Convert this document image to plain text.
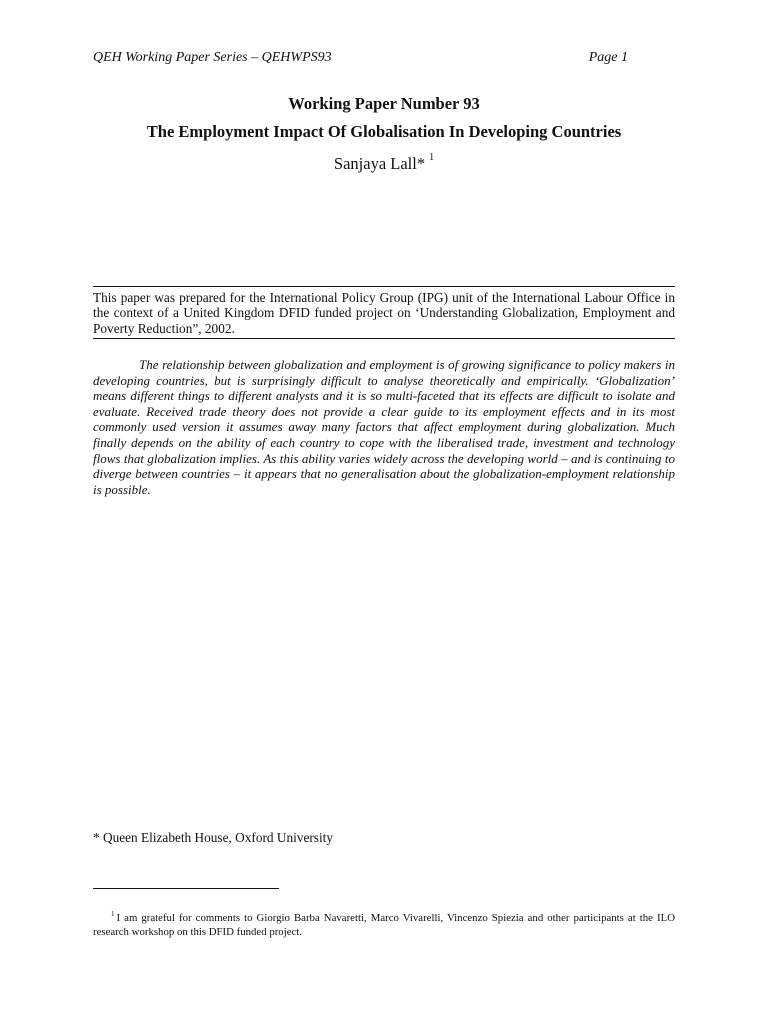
QEH Working Paper Series – QEHWPS93	Page 1

Working Paper Number 93

The Employment Impact Of Globalisation In Developing Countries

Sanjaya Lall* $^1$

This paper was prepared for the International Policy Group (IPG) unit of the International Labour Office in the context of a United Kingdom DFID funded project on ‘Understanding Globalization, Employment and Poverty Reduction”, 2002.

The relationship between globalization and employment is of growing significance to policy makers in developing countries, but is surprisingly difficult to analyse theoretically and empirically. ‘Globalization’ means different things to different analysts and it is so multi-faceted that its effects are difficult to isolate and evaluate. Received trade theory does not provide a clear guide to its employment effects and in its most commonly used version it assumes away many factors that affect employment during globalization. Much finally depends on the ability of each country to cope with the liberalised trade, investment and technology flows that globalization implies. As this ability varies widely across the developing world – and is continuing to diverge between countries – it appears that no generalisation about the globalization-employment relationship is possible.

* Queen Elizabeth House, Oxford University

$^1$ I am grateful for comments to Giorgio Barba Navaretti, Marco Vivarelli, Vincenzo Spiezia and other participants at the ILO research workshop on this DFID funded project.
